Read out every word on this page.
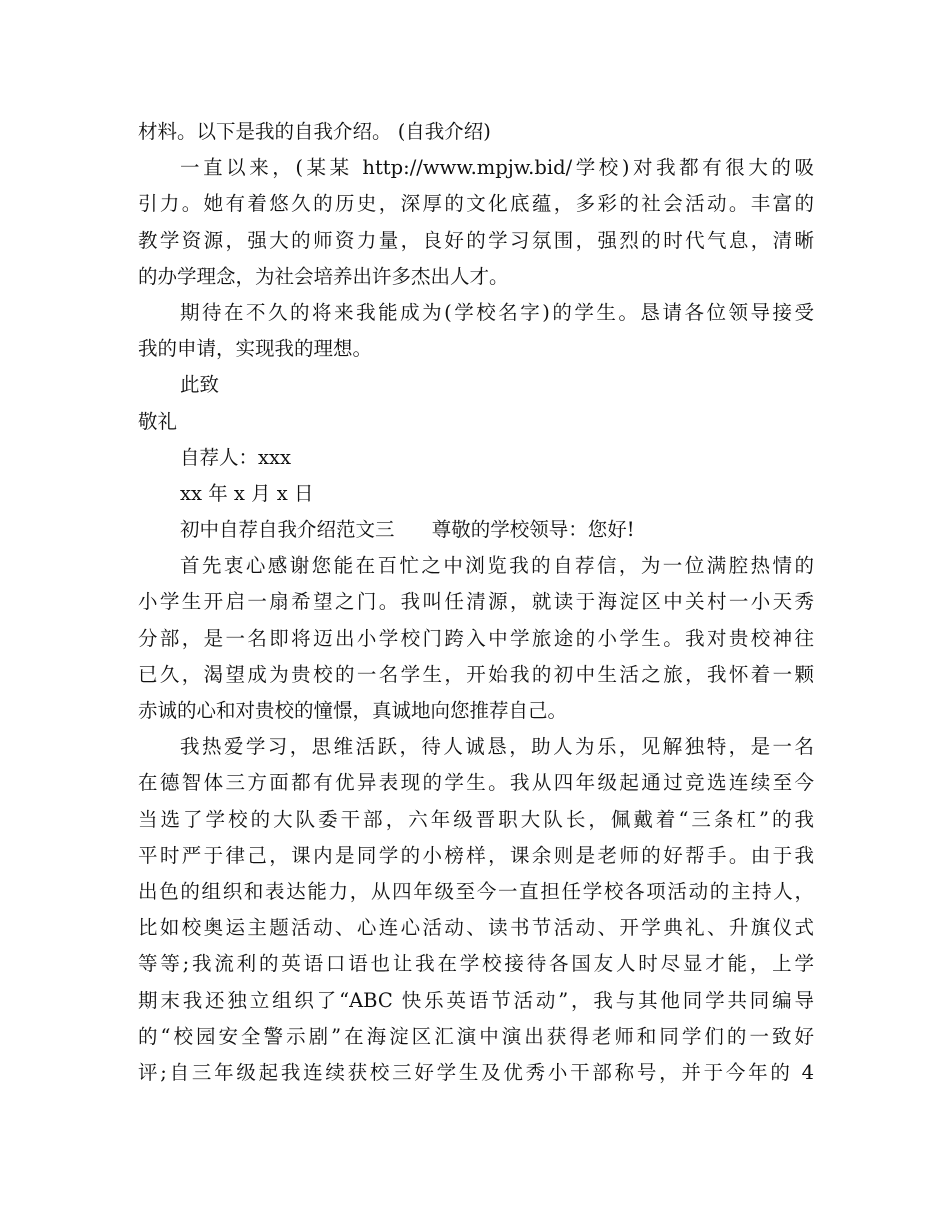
材料。以下是我的自我介绍。 (自我介绍)
一直以来，(某某 http://www.mpjw.bid/学校)对我都有很大的吸
引力。她有着悠久的历史，深厚的文化底蕴，多彩的社会活动。丰富的
教学资源，强大的师资力量，良好的学习氛围，强烈的时代气息，清晰
的办学理念，为社会培养出许多杰出人才。
期待在不久的将来我能成为(学校名字)的学生。恳请各位领导接受
我的申请，实现我的理想。
此致
敬礼
自荐人：xxx
xx 年 x 月 x 日
初中自荐自我介绍范文三      尊敬的学校领导：您好!
首先衷心感谢您能在百忙之中浏览我的自荐信，为一位满腔热情的
小学生开启一扇希望之门。我叫任清源，就读于海淀区中关村一小天秀
分部，是一名即将迈出小学校门跨入中学旅途的小学生。我对贵校神往
已久，渴望成为贵校的一名学生，开始我的初中生活之旅，我怀着一颗
赤诚的心和对贵校的憧憬，真诚地向您推荐自己。
我热爱学习，思维活跃，待人诚恳，助人为乐，见解独特，是一名
在德智体三方面都有优异表现的学生。我从四年级起通过竞选连续至今
当选了学校的大队委干部，六年级晋职大队长，佩戴着“三条杠”的我
平时严于律己，课内是同学的小榜样，课余则是老师的好帮手。由于我
出色的组织和表达能力，从四年级至今一直担任学校各项活动的主持人，
比如校奥运主题活动、心连心活动、读书节活动、开学典礼、升旗仪式
等等;我流利的英语口语也让我在学校接待各国友人时尽显才能，上学
期末我还独立组织了“ABC 快乐英语节活动”，我与其他同学共同编导
的“校园安全警示剧”在海淀区汇演中演出获得老师和同学们的一致好
评;自三年级起我连续获校三好学生及优秀小干部称号，并于今年的 4
